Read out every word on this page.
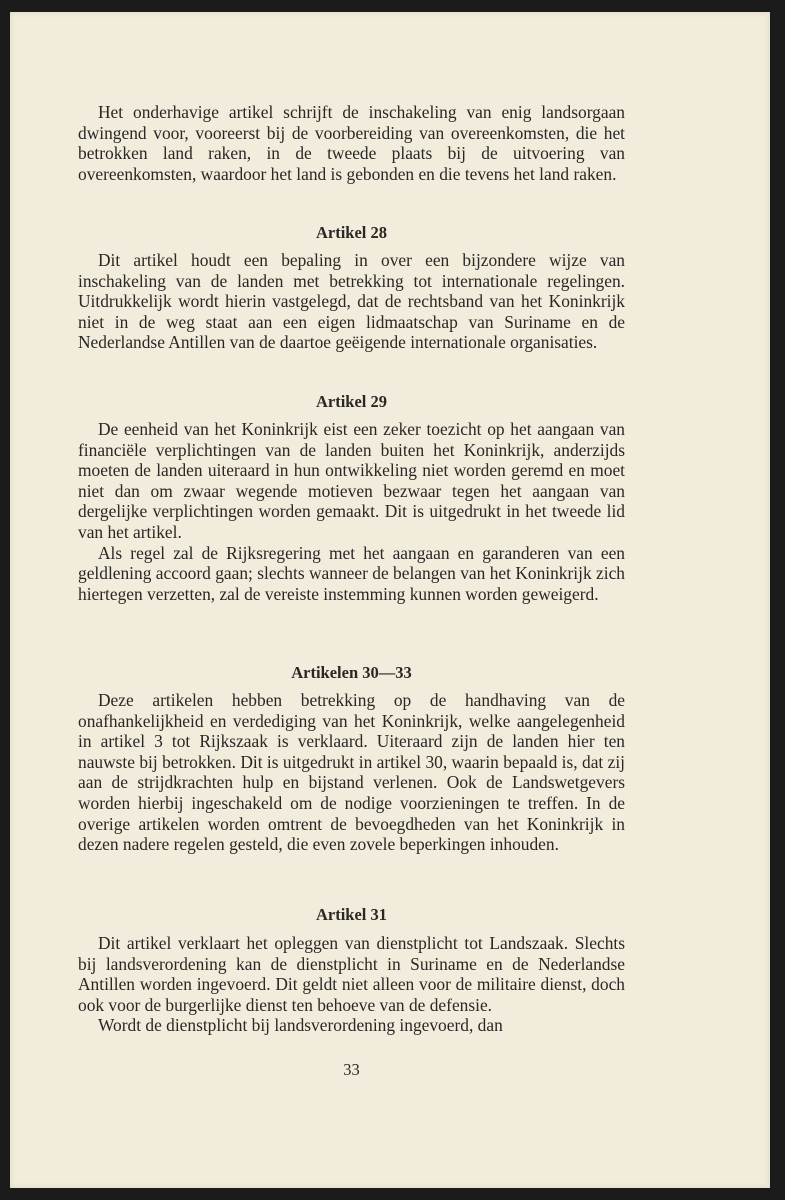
Het onderhavige artikel schrijft de inschakeling van enig landsorgaan dwingend voor, vooreerst bij de voorbereiding van overeenkomsten, die het betrokken land raken, in de tweede plaats bij de uitvoering van overeenkomsten, waardoor het land is gebonden en die tevens het land raken.

Artikel 28

Dit artikel houdt een bepaling in over een bijzondere wijze van inschakeling van de landen met betrekking tot internationale regelingen. Uitdrukkelijk wordt hierin vastgelegd, dat de rechtsband van het Koninkrijk niet in de weg staat aan een eigen lidmaatschap van Suriname en de Nederlandse Antillen van de daartoe geëigende internationale organisaties.

Artikel 29

De eenheid van het Koninkrijk eist een zeker toezicht op het aangaan van financiële verplichtingen van de landen buiten het Koninkrijk, anderzijds moeten de landen uiteraard in hun ontwikkeling niet worden geremd en moet niet dan om zwaar wegende motieven bezwaar tegen het aangaan van dergelijke verplichtingen worden gemaakt. Dit is uitgedrukt in het tweede lid van het artikel.

Als regel zal de Rijksregering met het aangaan en garanderen van een geldlening accoord gaan; slechts wanneer de belangen van het Koninkrijk zich hiertegen verzetten, zal de vereiste instemming kunnen worden geweigerd.

Artikelen 30—33

Deze artikelen hebben betrekking op de handhaving van de onafhankelijkheid en verdediging van het Koninkrijk, welke aangelegenheid in artikel 3 tot Rijkszaak is verklaard. Uiteraard zijn de landen hier ten nauwste bij betrokken. Dit is uitgedrukt in artikel 30, waarin bepaald is, dat zij aan de strijdkrachten hulp en bijstand verlenen. Ook de Landswetgevers worden hierbij ingeschakeld om de nodige voorzieningen te treffen. In de overige artikelen worden omtrent de bevoegdheden van het Koninkrijk in dezen nadere regelen gesteld, die even zovele beperkingen inhouden.

Artikel 31

Dit artikel verklaart het opleggen van dienstplicht tot Landszaak. Slechts bij landsverordening kan de dienstplicht in Suriname en de Nederlandse Antillen worden ingevoerd. Dit geldt niet alleen voor de militaire dienst, doch ook voor de burgerlijke dienst ten behoeve van de defensie.

Wordt de dienstplicht bij landsverordening ingevoerd, dan

33
